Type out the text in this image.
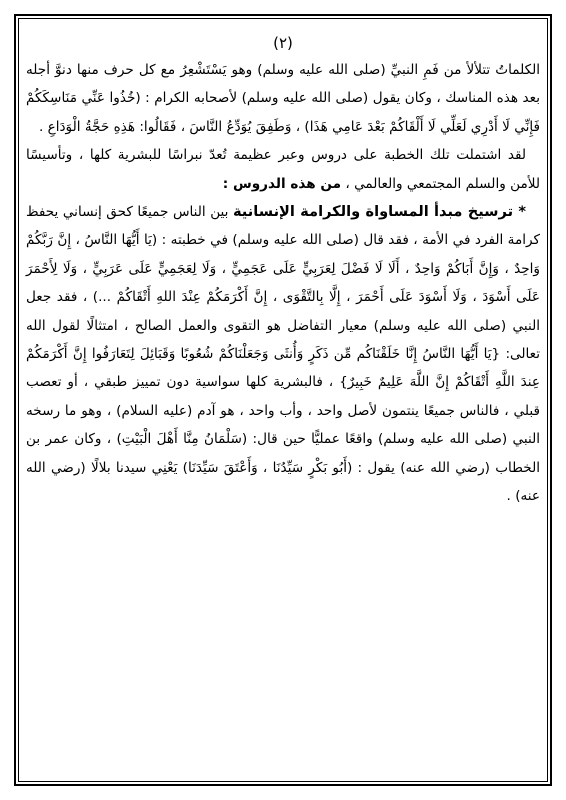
(٢)

الكلماتُ تتلألأ من فَمِ النبيِّ (صلى الله عليه وسلم) وهو يَسْتَشْعِرُ مع كل حرف منها دنوَّ أجله بعد هذه المناسك ، وكان يقول (صلى الله عليه وسلم) لأصحابه الكرام : (خُذُوا عَنِّي مَنَاسِكَكُمْ فَإِنِّي لَا أَدْرِي لَعَلِّي لَا أَلْقَاكُمْ بَعْدَ عَامِي هَذَا) ، وَطَفِقَ يُوَدِّعُ النَّاسَ ، فَقَالُوا: هَذِهِ حَجَّةُ الْوَدَاعِ .

لقد اشتملت تلك الخطبة على دروس وعبر عظيمة تُعدّ نبراسًا للبشرية كلها ، وتأسيسًا للأمن والسلم المجتمعي والعالمي ، من هذه الدروس :

* ترسيخ مبدأ المساواة والكرامة الإنسانية بين الناس جميعًا كحق إنساني يحفظ كرامة الفرد في الأمة ، فقد قال (صلى الله عليه وسلم) في خطبته : (يَا أَيُّهَا النَّاسُ ، إِنَّ رَبَّكُمْ وَاحِدٌ ، وَإِنَّ أَبَاكُمْ وَاحِدٌ ، أَلَا لَا فَضْلَ لِعَرَبِيٍّ عَلَى عَجَمِيٍّ ، وَلَا لِعَجَمِيٍّ عَلَى عَرَبِيٍّ ، وَلَا لِأَحْمَرَ عَلَى أَسْوَدَ ، وَلَا أَسْوَدَ عَلَى أَحْمَرَ ، إِلَّا بِالتَّقْوَى ، إِنَّ أَكْرَمَكُمْ عِنْدَ اللهِ أَتْقَاكُمْ ...) ، فقد جعل النبي (صلى الله عليه وسلم) معيار التفاضل هو التقوى والعمل الصالح ، امتثالًا لقول الله تعالى: {يَا أَيُّهَا النَّاسُ إِنَّا خَلَقْنَاكُم مِّن ذَكَرٍ وَأُنثَى وَجَعَلْنَاكُمْ شُعُوبًا وَقَبَائِلَ لِتَعَارَفُوا إِنَّ أَكْرَمَكُمْ عِندَ اللَّهِ أَتْقَاكُمْ إِنَّ اللَّهَ عَلِيمٌ خَبِيرٌ} ، فالبشرية كلها سواسية دون تمييز طبقي ، أو تعصب قبلي ، فالناس جميعًا ينتمون لأصل واحد ، وأب واحد ، هو آدم (عليه السلام) ، وهو ما رسخه النبي (صلى الله عليه وسلم) واقعًا عمليًّا حين قال: (سَلْمَانُ مِنَّا أَهْلَ الْبَيْتِ) ، وكان عمر بن الخطاب (رضي الله عنه) يقول : (أَبُو بَكْرٍ سَيِّدُنَا ، وَأَعْتَقَ سَيِّدَنَا) يَعْنِي سيدنا بلالًا (رضي الله عنه) .
